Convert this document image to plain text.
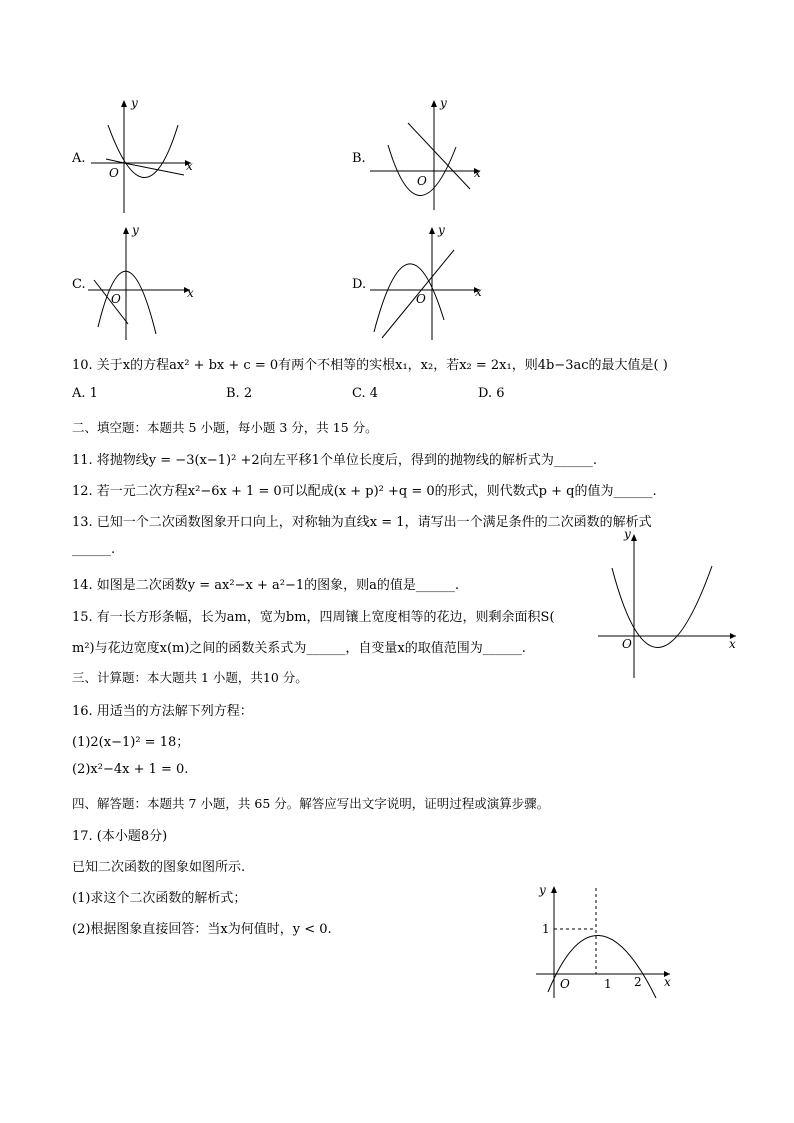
A.
y
x
O
B.
y
x
O
C.
y
x
O
D.
y
x
O
10. 关于x的方程ax² + bx + c = 0有两个不相等的实根x₁，x₂，若x₂ = 2x₁，则4b−3ac的最大值是( )
A. 1	B. 2	C. 4	D. 6
二、填空题：本题共 5 小题，每小题 3 分，共 15 分。
11. 将抛物线y = −3(x−1)² +2向左平移1个单位长度后，得到的抛物线的解析式为______.
12. 若一元二次方程x²−6x + 1 = 0可以配成(x + p)² +q = 0的形式，则代数式p + q的值为______.
13. 已知一个二次函数图象开口向上，对称轴为直线x = 1，请写出一个满足条件的二次函数的解析式
______.
14. 如图是二次函数y = ax²−x + a²−1的图象，则a的值是______.
15. 有一长方形条幅，长为am，宽为bm，四周镶上宽度相等的花边，则剩余面积S(
m²)与花边宽度x(m)之间的函数关系式为______，自变量x的取值范围为______.
y
x
O
三、计算题：本大题共 1 小题，共10 分。
16. 用适当的方法解下列方程：
(1)2(x−1)² = 18；
(2)x²−4x + 1 = 0.
四、解答题：本题共 7 小题，共 65 分。解答应写出文字说明，证明过程或演算步骤。
17. (本小题8分)
已知二次函数的图象如图所示.
(1)求这个二次函数的解析式；
(2)根据图象直接回答：当x为何值时，y < 0.
y
x
O
1
1 2
